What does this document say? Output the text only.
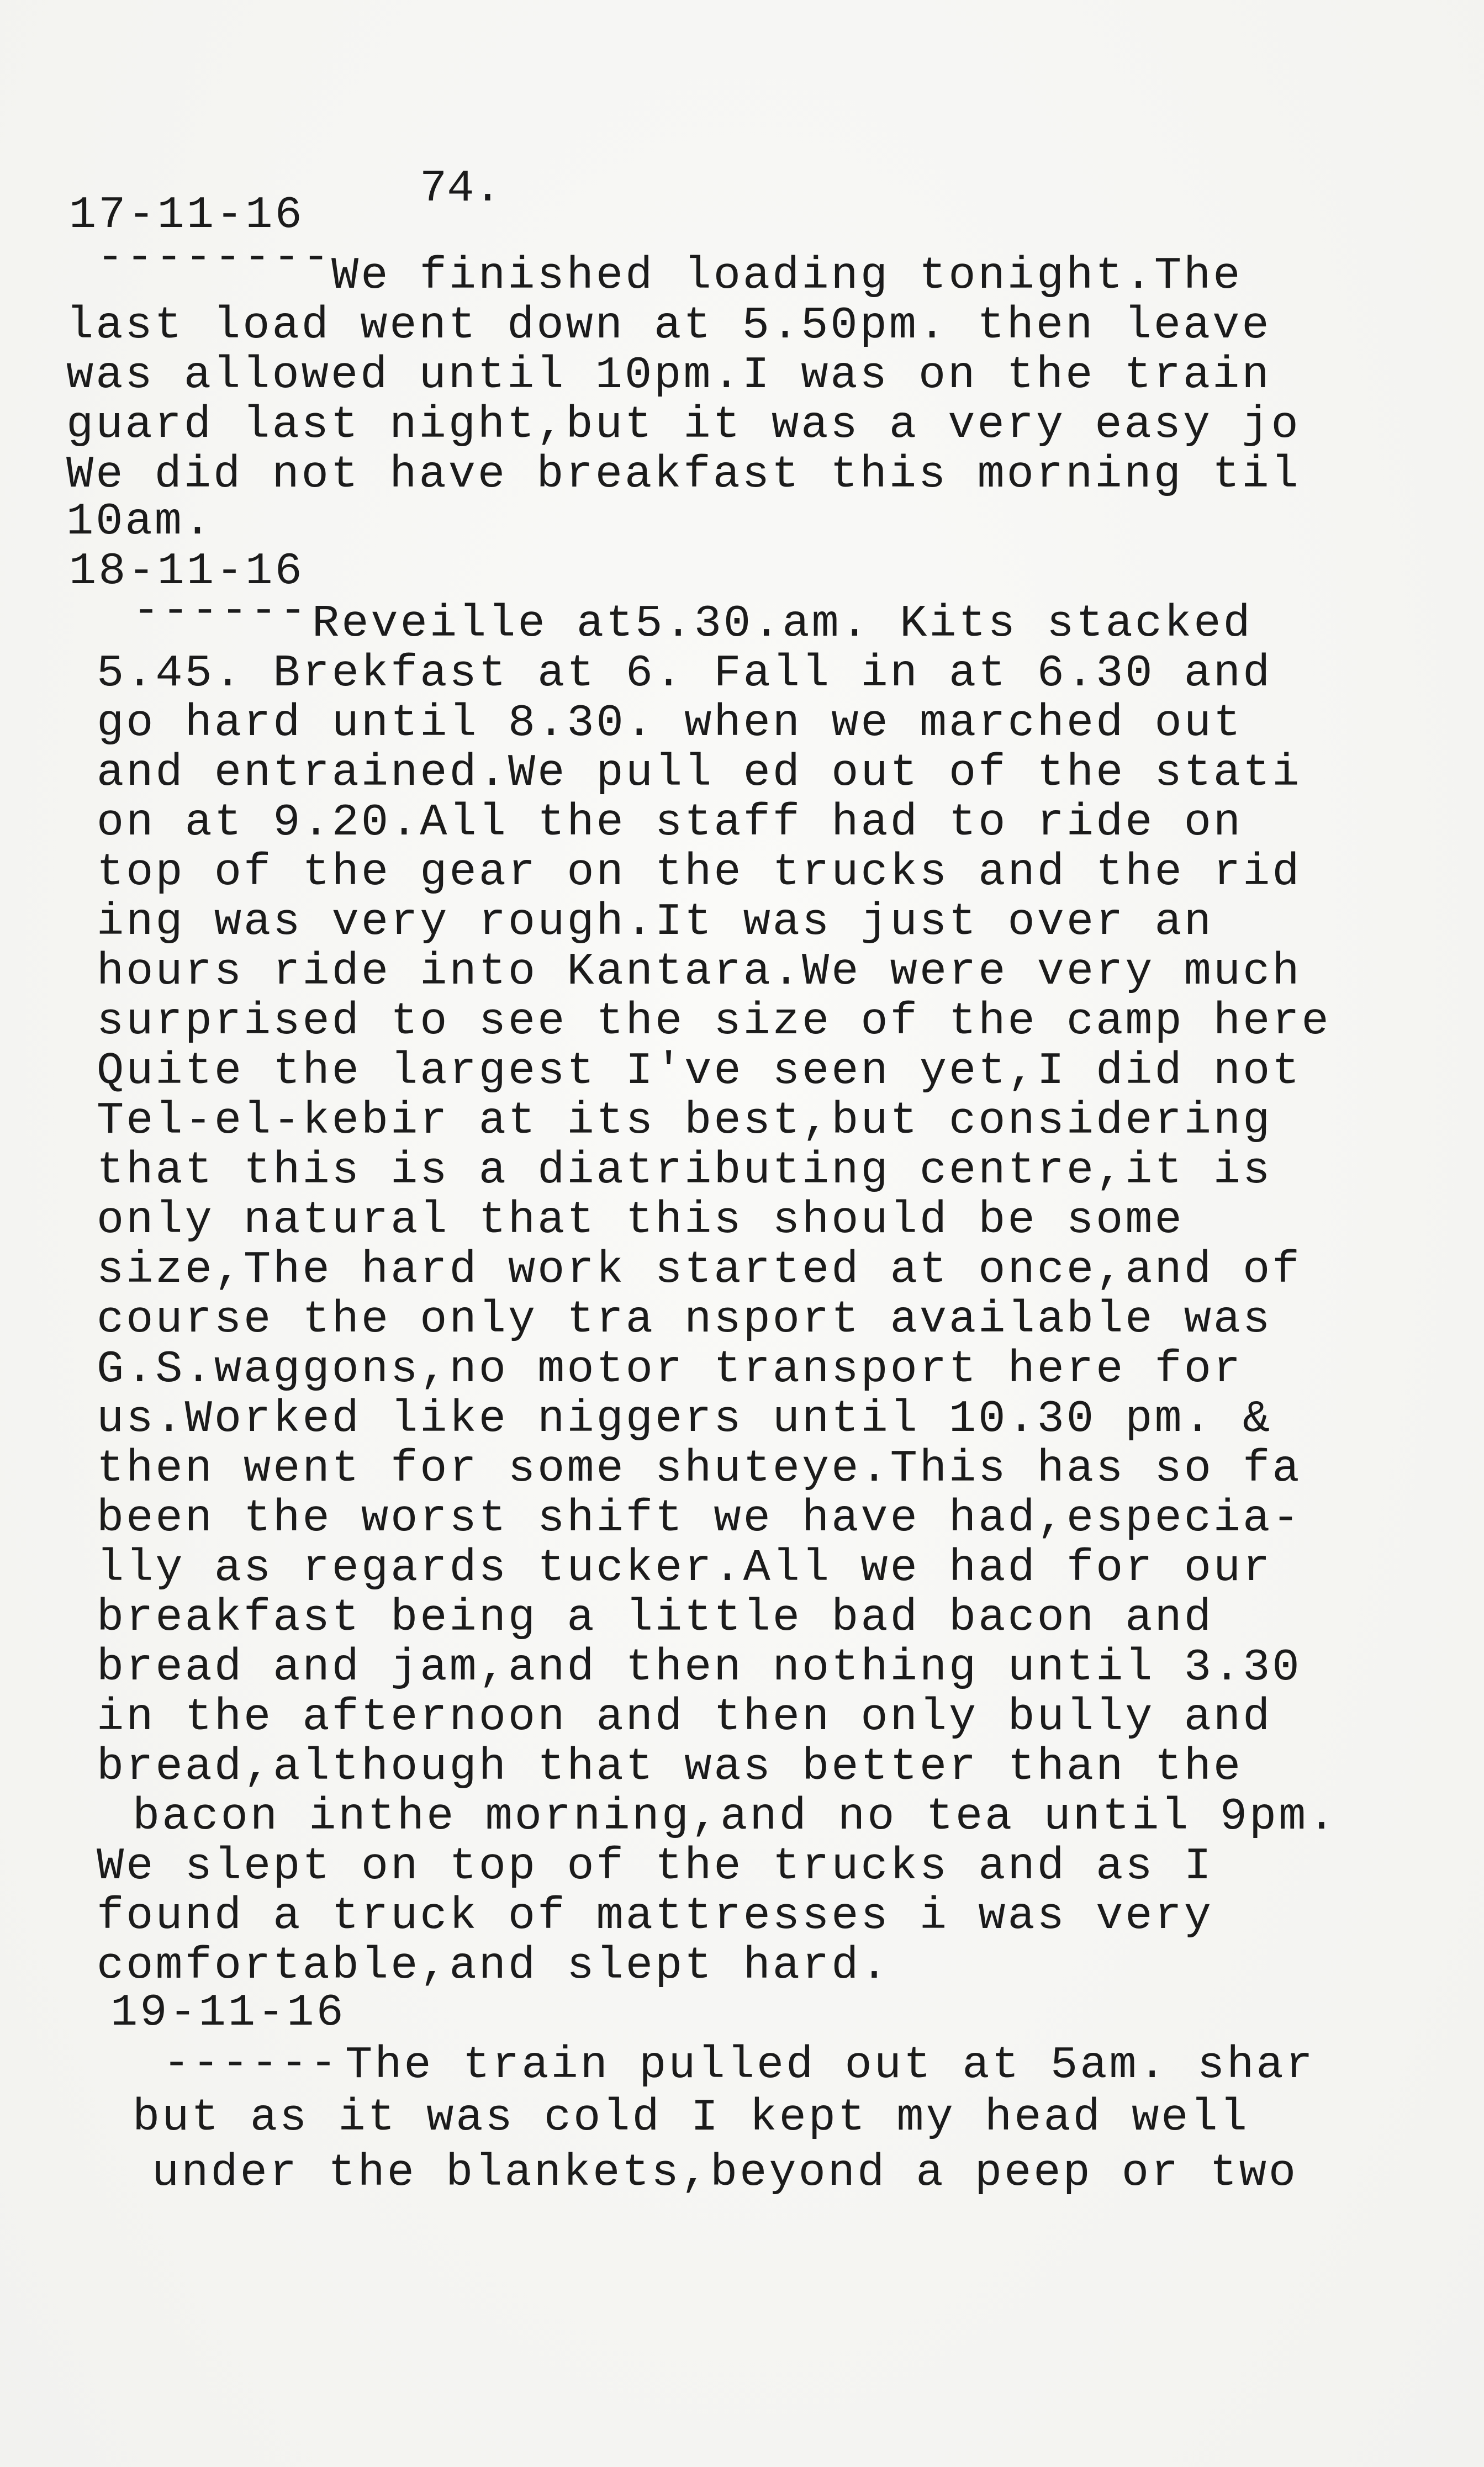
74.
17-11-16
-------- We finished loading tonight.The
last load went down at 5.50pm. then leave
was allowed until 10pm.I was on the train
guard last night,but it was a very easy jo
We did not have breakfast this morning til
10am.
18-11-16
------ Reveille at5.30.am. Kits stacked
5.45. Brekfast at 6. Fall in at 6.30 and
go hard until 8.30. when we marched out
and entrained.We pull ed out of the stati
on at 9.20.All the staff had to ride on
top of the gear on the trucks and the rid
ing was very rough.It was just over an
hours ride into Kantara.We were very much
surprised to see the size of the camp here
Quite the largest I've seen yet,I did not
Tel-el-kebir at its best,but considering
that this is a diatributing centre,it is
only natural that this should be some
size,The hard work started at once,and of
course the only tra nsport available was
G.S.waggons,no motor transport here for
us.Worked like niggers until 10.30 pm. &
then went for some shuteye.This has so fa
been the worst shift we have had,especia-
lly as regards tucker.All we had for our
breakfast being a little bad bacon and
bread and jam,and then nothing until 3.30
in the afternoon and then only bully and
bread,although that was better than the
bacon inthe morning,and no tea until 9pm.
We slept on top of the trucks and as I
found a truck of mattresses i was very
comfortable,and slept hard.
19-11-16
------ The train pulled out at 5am. shar
but as it was cold I kept my head well
under the blankets,beyond a peep or two
